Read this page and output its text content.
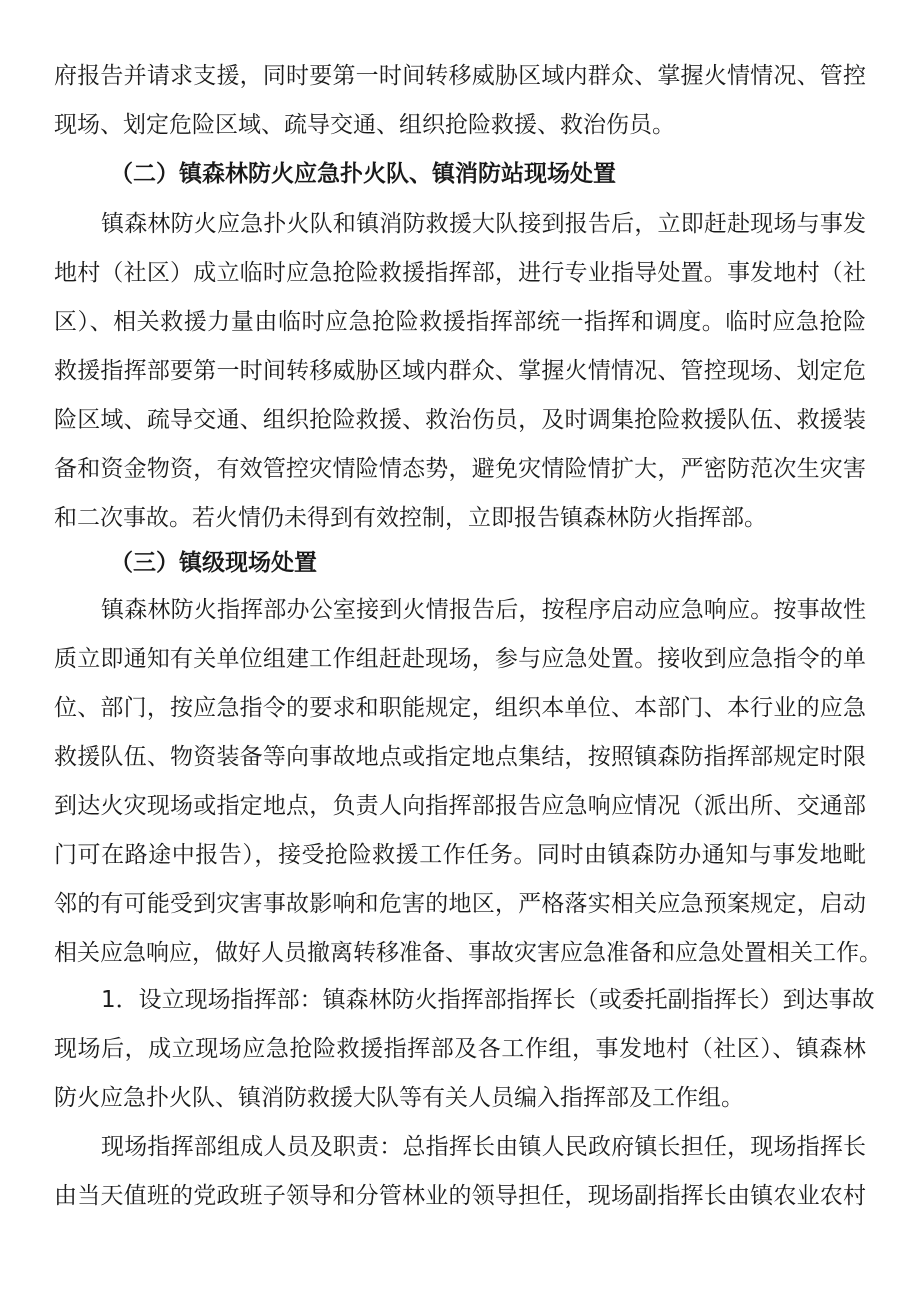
府报告并请求支援，同时要第一时间转移威胁区域内群众、掌握火情情况、管控
现场、划定危险区域、疏导交通、组织抢险救援、救治伤员。
（二）镇森林防火应急扑火队、镇消防站现场处置
镇森林防火应急扑火队和镇消防救援大队接到报告后，立即赶赴现场与事发
地村（社区）成立临时应急抢险救援指挥部，进行专业指导处置。事发地村（社
区）、相关救援力量由临时应急抢险救援指挥部统一指挥和调度。临时应急抢险
救援指挥部要第一时间转移威胁区域内群众、掌握火情情况、管控现场、划定危
险区域、疏导交通、组织抢险救援、救治伤员，及时调集抢险救援队伍、救援装
备和资金物资，有效管控灾情险情态势，避免灾情险情扩大，严密防范次生灾害
和二次事故。若火情仍未得到有效控制，立即报告镇森林防火指挥部。
（三）镇级现场处置
镇森林防火指挥部办公室接到火情报告后，按程序启动应急响应。按事故性
质立即通知有关单位组建工作组赶赴现场，参与应急处置。接收到应急指令的单
位、部门，按应急指令的要求和职能规定，组织本单位、本部门、本行业的应急
救援队伍、物资装备等向事故地点或指定地点集结，按照镇森防指挥部规定时限
到达火灾现场或指定地点，负责人向指挥部报告应急响应情况（派出所、交通部
门可在路途中报告），接受抢险救援工作任务。同时由镇森防办通知与事发地毗
邻的有可能受到灾害事故影响和危害的地区，严格落实相关应急预案规定，启动
相关应急响应，做好人员撤离转移准备、事故灾害应急准备和应急处置相关工作。
1．设立现场指挥部：镇森林防火指挥部指挥长（或委托副指挥长）到达事故
现场后，成立现场应急抢险救援指挥部及各工作组，事发地村（社区）、镇森林
防火应急扑火队、镇消防救援大队等有关人员编入指挥部及工作组。
现场指挥部组成人员及职责：总指挥长由镇人民政府镇长担任，现场指挥长
由当天值班的党政班子领导和分管林业的领导担任，现场副指挥长由镇农业农村
